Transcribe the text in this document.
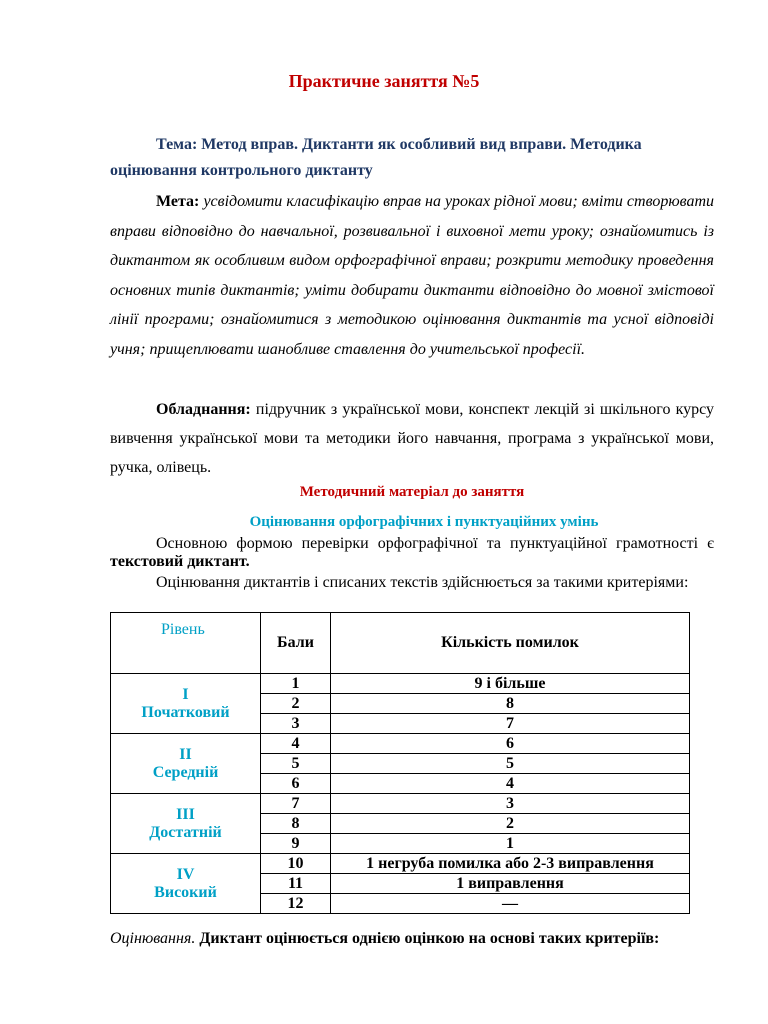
Практичне заняття №5
Тема: Метод вправ. Диктанти як особливий вид вправи. Методика оцінювання контрольного диктанту
Мета: усвідомити класифікацію вправ на уроках рідної мови; вміти створювати вправи відповідно до навчальної, розвивальної і виховної мети уроку; ознайомитись із диктантом як особливим видом орфографічної вправи; розкрити методику проведення основних типів диктантів; уміти добирати диктанти відповідно до мовної змістової лінії програми; ознайомитися з методикою оцінювання диктантів та усної відповіді учня; прищеплювати шанобливе ставлення до учительської професії.
Обладнання: підручник з української мови, конспект лекцій зі шкільного курсу вивчення української мови та методики його навчання, програма з української мови, ручка, олівець.
Методичний матеріал до заняття
Оцінювання орфографічних і пунктуаційних умінь
Основною формою перевірки орфографічної та пунктуаційної грамотності є текстовий диктант.
Оцінювання диктантів і списаних текстів здійснюється за такими критеріями:
Рівень	Бали	Кількість помилок

I
Початковий	1	9 і більше
	2	8
	3	7

II
Середній	4	6
	5	5
	6	4

III
Достатній	7	3
	8	2
	9	1

IV
Високий	10	1 негруба помилка або 2-3 виправлення
	11	1 виправлення
	12	—
Оцінювання. Диктант оцінюється однією оцінкою на основі таких критеріїв:
